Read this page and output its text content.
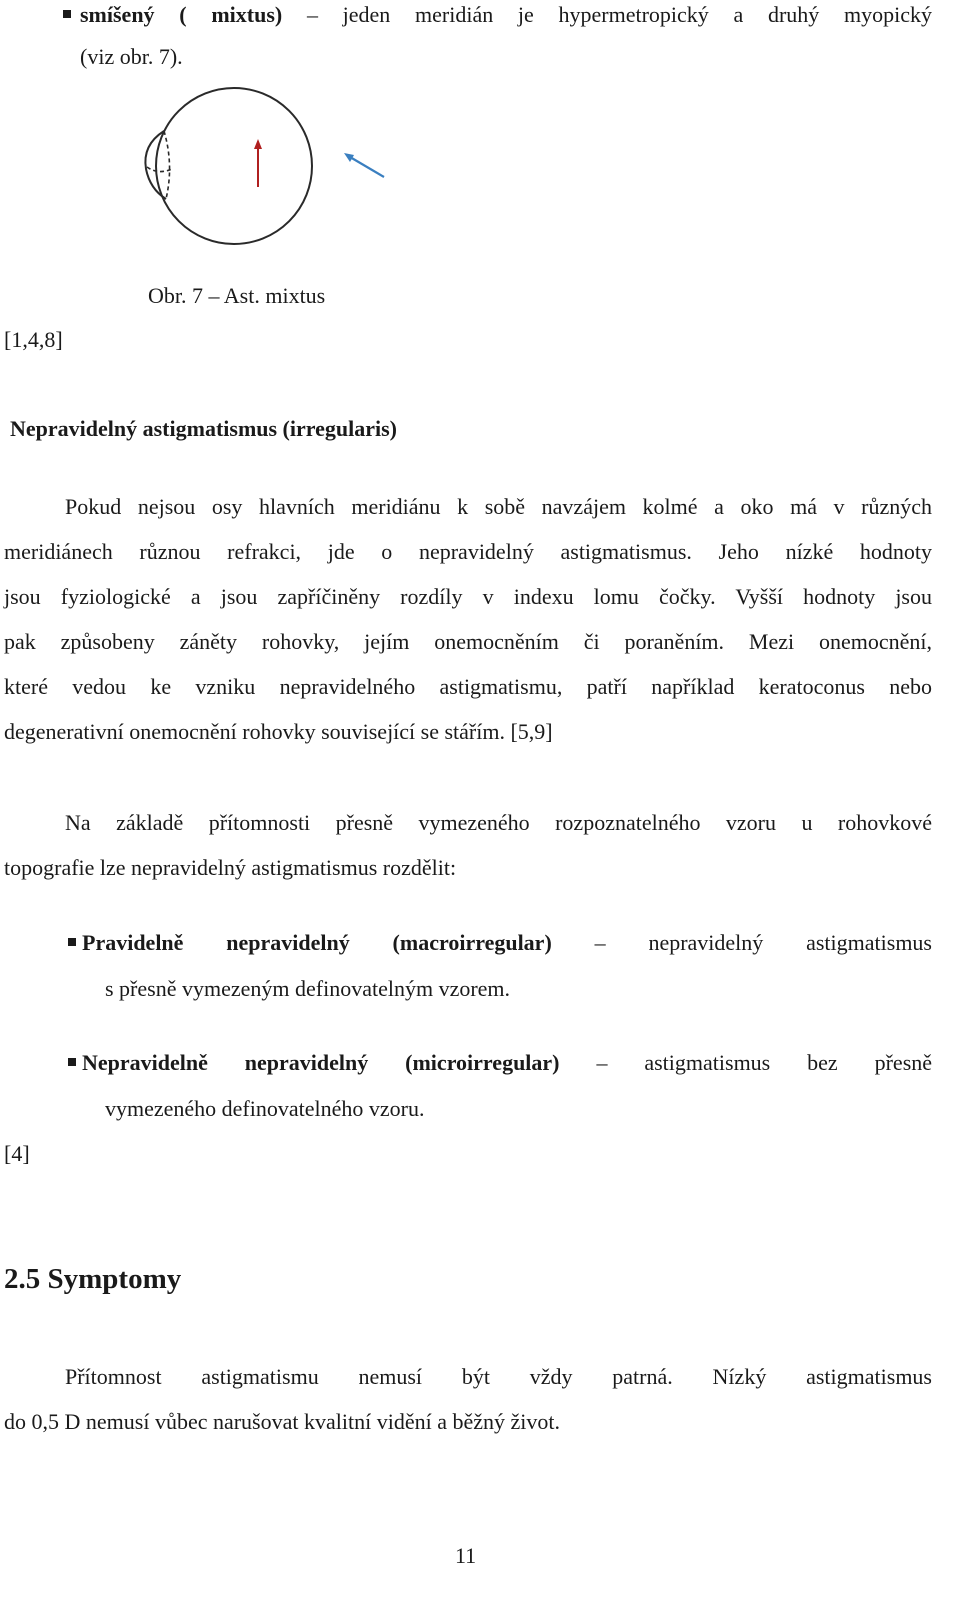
smíšený ( mixtus) – jeden meridián je hypermetropický a druhý myopický
(viz obr. 7).
Obr. 7 – Ast. mixtus
[1,4,8]
Nepravidelný astigmatismus (irregularis)
Pokud nejsou osy hlavních meridiánu k sobě navzájem kolmé a oko má v různých
meridiánech různou refrakci, jde o nepravidelný astigmatismus. Jeho nízké hodnoty
jsou fyziologické a jsou zapříčiněny rozdíly v indexu lomu čočky. Vyšší hodnoty jsou
pak způsobeny záněty rohovky, jejím onemocněním či poraněním. Mezi onemocnění,
které vedou ke vzniku nepravidelného astigmatismu, patří například keratoconus nebo
degenerativní onemocnění rohovky související se stářím. [5,9]
Na základě přítomnosti přesně vymezeného rozpoznatelného vzoru u rohovkové
topografie lze nepravidelný astigmatismus rozdělit:
Pravidelně nepravidelný (macroirregular) – nepravidelný astigmatismus
s přesně vymezeným definovatelným vzorem.
Nepravidelně nepravidelný (microirregular) – astigmatismus bez přesně
vymezeného definovatelného vzoru.
[4]
2.5 Symptomy
Přítomnost astigmatismu nemusí být vždy patrná. Nízký astigmatismus
do 0,5 D nemusí vůbec narušovat kvalitní vidění a běžný život.
11
